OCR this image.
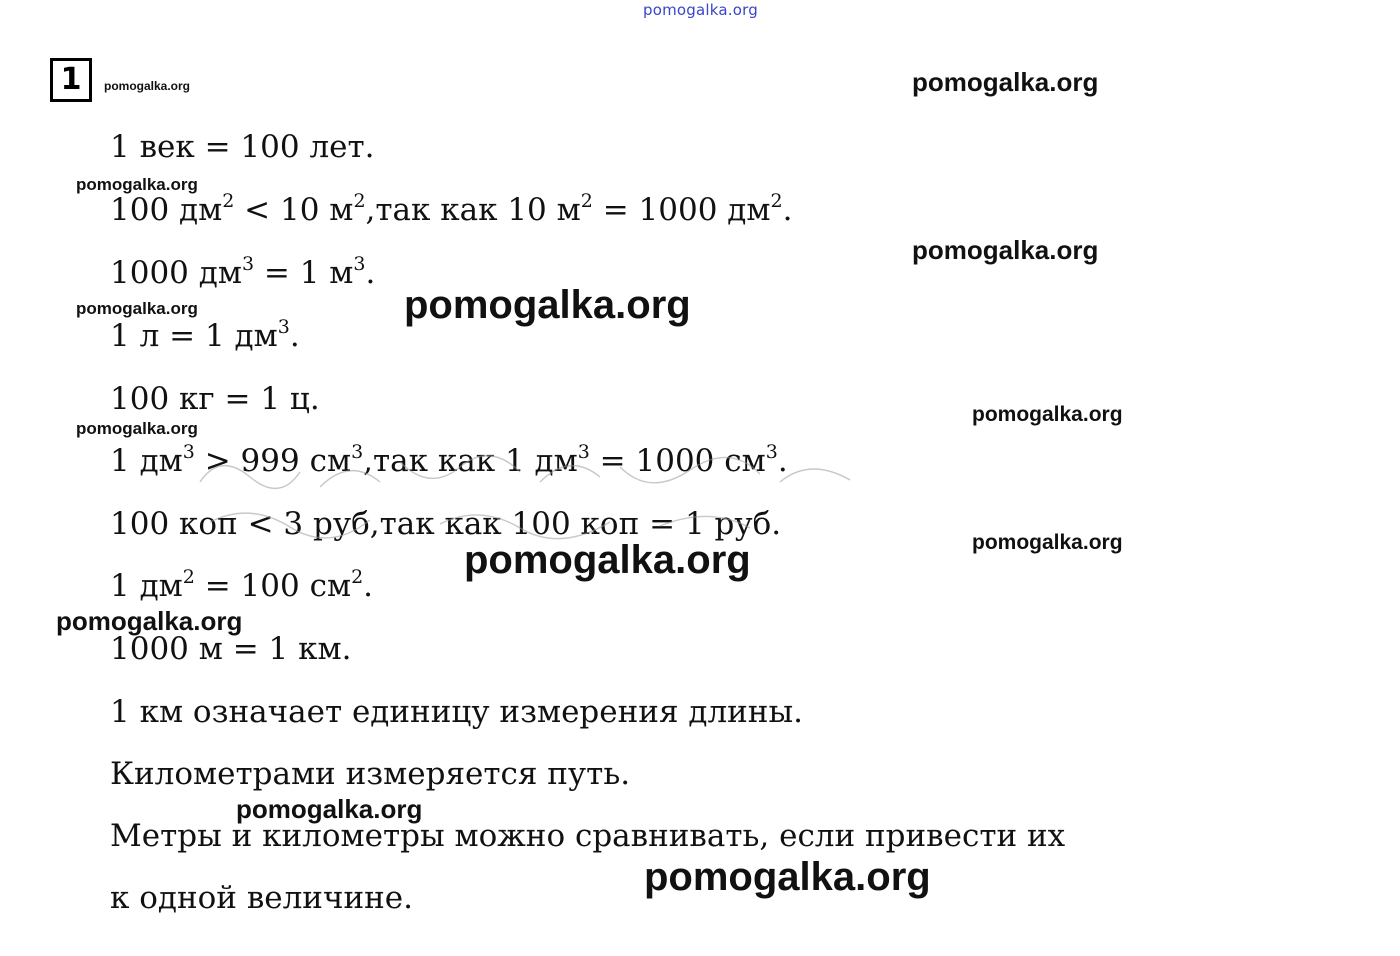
pomogalka.org
1
1 век = 100 лет.
100 $дм^2 < 10$ $м^2,так$ как 10 $м^2 = 1000$ $дм^2$.
1000 $дм^3 = 1$ $м^3$.
1 л = 1 $дм^3$.
100 кг = 1 ц.
1 $дм^3 > 999$ $см^3,так$ как 1 $дм^3 = 1000$ $см^3$.
100 коп < 3 руб,так как 100 коп = 1 руб.
1 $дм^2 = 100$ $см^2$.
1000 м = 1 км.
1 км означает единицу измерения длины.
Километрами измеряется путь.
Метры и километры можно сравнивать, если привести их
к одной величине.
pomogalka.org	pomogalka.org
pomogalka.org
pomogalka.org
pomogalka.org
pomogalka.org
pomogalka.org
pomogalka.org
pomogalka.org
pomogalka.org
pomogalka.org
pomogalka.org
pomogalka.org
